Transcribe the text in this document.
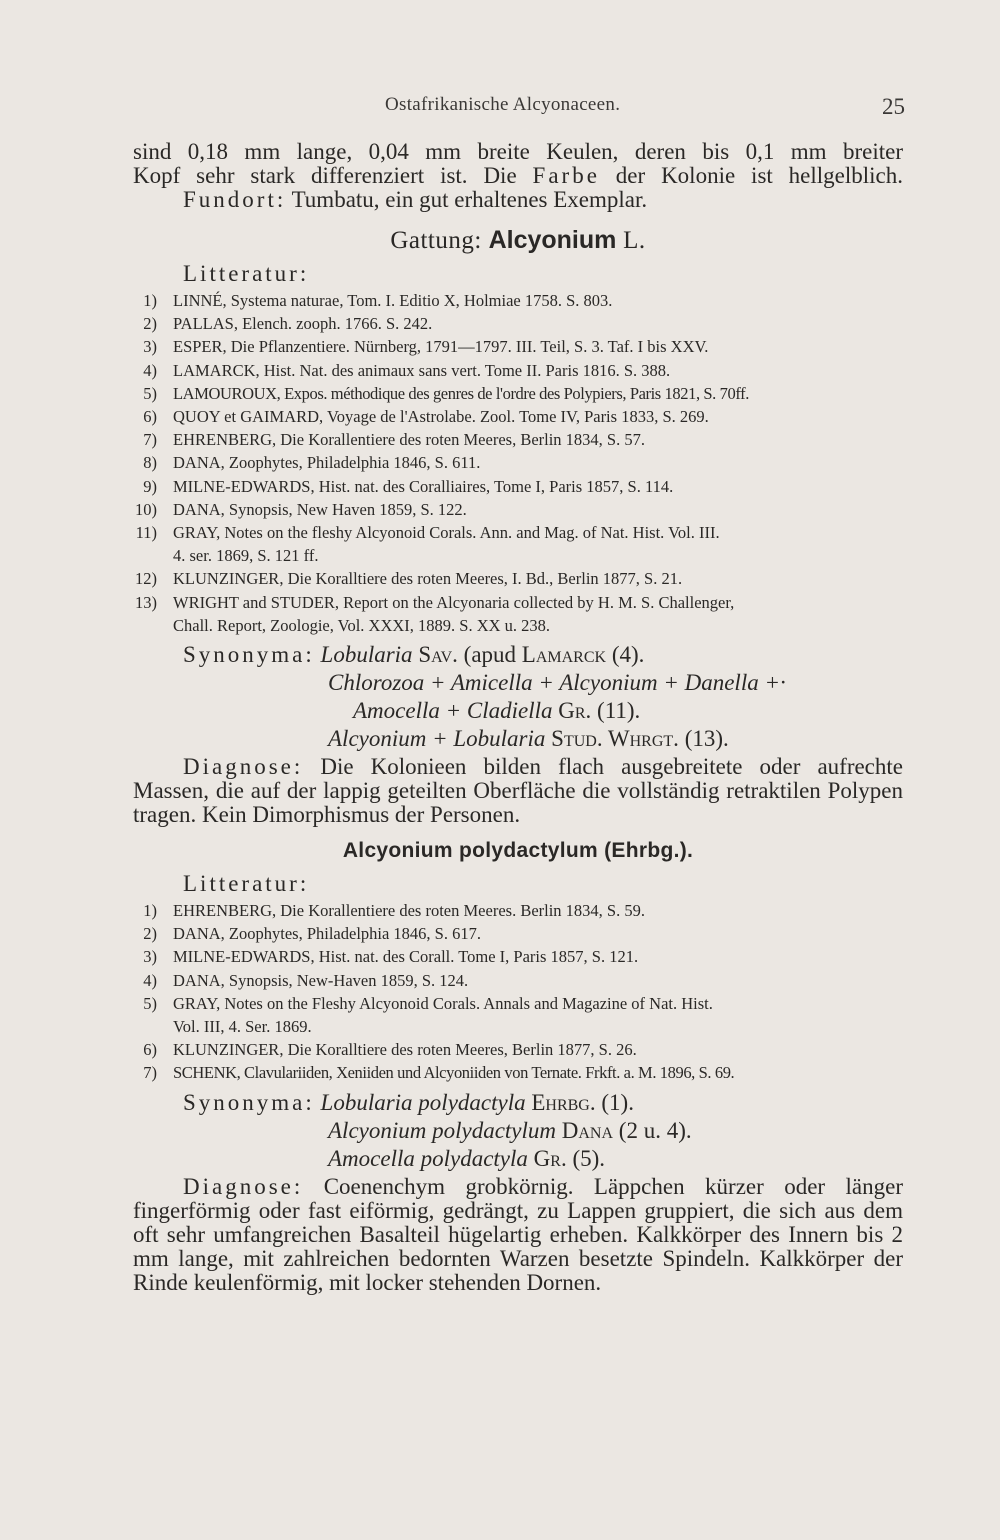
Ostafrikanische Alcyonaceen.	25

sind 0,18 mm lange, 0,04 mm breite Keulen, deren bis 0,1 mm breiter

Kopf sehr stark differenziert ist. Die Farbe der Kolonie ist hellgelblich.

Fundort: Tumbatu, ein gut erhaltenes Exemplar.

Gattung: Alcyonium L.
Litteratur:
1) LINNÉ, Systema naturae, Tom. I. Editio X, Holmiae 1758. S. 803.
2) PALLAS, Elench. zooph. 1766. S. 242.
3) ESPER, Die Pflanzentiere. Nürnberg, 1791—1797. III. Teil, S. 3. Taf. I bis XXV.
4) LAMARCK, Hist. Nat. des animaux sans vert. Tome II. Paris 1816. S. 388.
5) LAMOUROUX, Expos. méthodique des genres de l'ordre des Polypiers, Paris 1821, S. 70ff.
6) QUOY et GAIMARD, Voyage de l'Astrolabe. Zool. Tome IV, Paris 1833, S. 269.
7) EHRENBERG, Die Korallentiere des roten Meeres, Berlin 1834, S. 57.
8) DANA, Zoophytes, Philadelphia 1846, S. 611.
9) MILNE-EDWARDS, Hist. nat. des Coralliaires, Tome I, Paris 1857, S. 114.
10) DANA, Synopsis, New Haven 1859, S. 122.
11) GRAY, Notes on the fleshy Alcyonoid Corals. Ann. and Mag. of Nat. Hist. Vol. III.
4. ser. 1869, S. 121 ff.
12) KLUNZINGER, Die Koralltiere des roten Meeres, I. Bd., Berlin 1877, S. 21.
13) WRIGHT and STUDER, Report on the Alcyonaria collected by H. M. S. Challenger,
Chall. Report, Zoologie, Vol. XXXI, 1889. S. XX u. 238.
Synonyma: Lobularia Sav. (apud Lamarck (4).
Chlorozoa + Amicella + Alcyonium + Danella +·
Amocella + Cladiella Gr. (11).
Alcyonium + Lobularia Stud. Whrgt. (13).

Diagnose: Die Kolonieen bilden flach ausgebreitete oder aufrechte Massen, die auf der lappig geteilten Oberfläche die vollständig retraktilen Polypen tragen. Kein Dimorphismus der Personen.

Alcyonium polydactylum (Ehrbg.).
Litteratur:
1) EHRENBERG, Die Korallentiere des roten Meeres. Berlin 1834, S. 59.
2) DANA, Zoophytes, Philadelphia 1846, S. 617.
3) MILNE-EDWARDS, Hist. nat. des Corall. Tome I, Paris 1857, S. 121.
4) DANA, Synopsis, New-Haven 1859, S. 124.
5) GRAY, Notes on the Fleshy Alcyonoid Corals. Annals and Magazine of Nat. Hist.
Vol. III, 4. Ser. 1869.
6) KLUNZINGER, Die Koralltiere des roten Meeres, Berlin 1877, S. 26.
7) SCHENK, Clavulariiden, Xeniiden und Alcyoniiden von Ternate. Frkft. a. M. 1896, S. 69.
Synonyma: Lobularia polydactyla Ehrbg. (1).
Alcyonium polydactylum Dana (2 u. 4).
Amocella polydactyla Gr. (5).

Diagnose: Coenenchym grobkörnig. Läppchen kürzer oder länger fingerförmig oder fast eiförmig, gedrängt, zu Lappen gruppiert, die sich aus dem oft sehr umfangreichen Basalteil hügelartig erheben. Kalkkörper des Innern bis 2 mm lange, mit zahlreichen bedornten Warzen besetzte Spindeln. Kalkkörper der Rinde keulenförmig, mit locker stehenden Dornen.
